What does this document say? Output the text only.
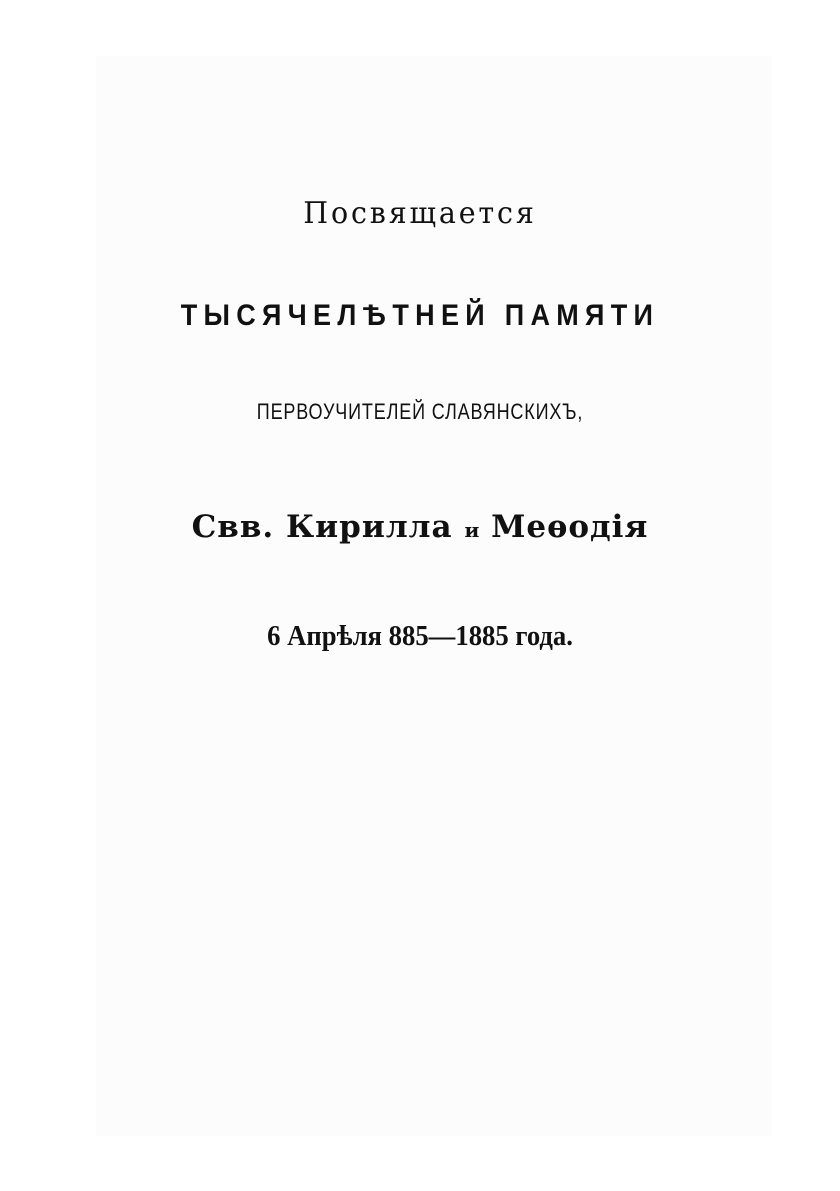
Посвящается
ТЫСЯЧЕЛѢТНЕЙ ПАМЯТИ
ПЕРВОУЧИТЕЛЕЙ СЛАВЯНСКИХЪ,
Свв. Кирилла и Меѳодія
6 Апрѣля 885—1885 года.
